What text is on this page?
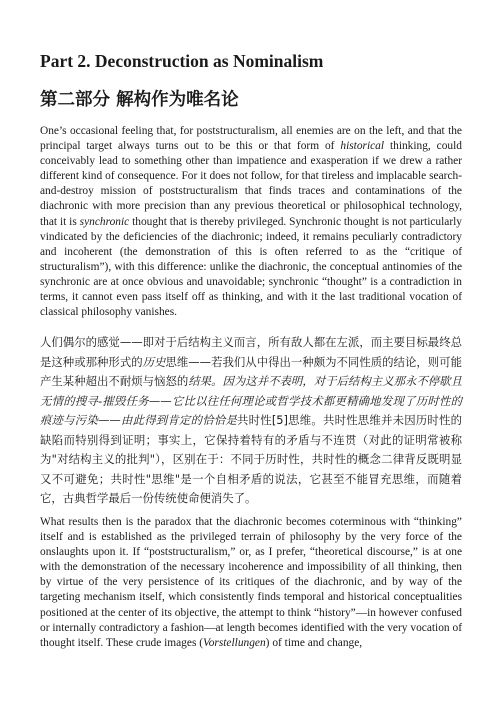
Part 2. Deconstruction as Nominalism
第二部分 解构作为唯名论

One’s occasional feeling that, for poststructuralism, all enemies are on the left, and that the principal target always turns out to be this or that form of historical thinking, could conceivably lead to something other than impatience and exasperation if we drew a rather different kind of consequence. For it does not follow, for that tireless and implacable search-and-destroy mission of poststructuralism that finds traces and contaminations of the diachronic with more precision than any previous theoretical or philosophical technology, that it is synchronic thought that is thereby privileged. Synchronic thought is not particularly vindicated by the deficiencies of the diachronic; indeed, it remains peculiarly contradictory and incoherent (the demonstration of this is often referred to as the “critique of structuralism”), with this difference: unlike the diachronic, the conceptual antinomies of the synchronic are at once obvious and unavoidable; synchronic “thought” is a contradiction in terms, it cannot even pass itself off as thinking, and with it the last traditional vocation of classical philosophy vanishes.

人们偶尔的感觉——即对于后结构主义而言，所有敌人都在左派，而主要目标最终总是这种或那种形式的历史思维——若我们从中得出一种颇为不同性质的结论，则可能产生某种超出不耐烦与恼怒的结果。因为这并不表明，对于后结构主义那永不停歇且无情的搜寻-摧毁任务——它比以往任何理论或哲学技术都更精确地发现了历时性的痕迹与污染——由此得到肯定的恰恰是共时性[5]思维。共时性思维并未因历时性的缺陷而特别得到证明；事实上，它保持着特有的矛盾与不连贯（对此的证明常被称为"对结构主义的批判"），区别在于：不同于历时性，共时性的概念二律背反既明显又不可避免；共时性"思维"是一个自相矛盾的说法，它甚至不能冒充思维，而随着它，古典哲学最后一份传统使命便消失了。

What results then is the paradox that the diachronic becomes coterminous with “thinking” itself and is established as the privileged terrain of philosophy by the very force of the onslaughts upon it. If “poststructuralism,” or, as I prefer, “theoretical discourse,” is at one with the demonstration of the necessary incoherence and impossibility of all thinking, then by virtue of the very persistence of its critiques of the diachronic, and by way of the targeting mechanism itself, which consistently finds temporal and historical conceptualities positioned at the center of its objective, the attempt to think “history”—in however confused or internally contradictory a fashion—at length becomes identified with the very vocation of thought itself. These crude images (Vorstellungen) of time and change,
